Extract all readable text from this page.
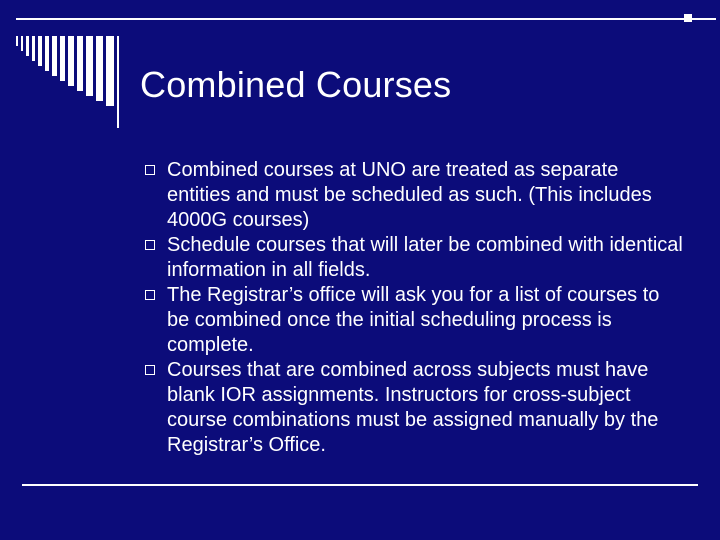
Combined Courses
Combined courses at UNO are treated as separate entities and must be scheduled as such. (This includes 4000G courses)
Schedule courses that will later be combined with identical information in all fields.
The Registrar’s office will ask you for a list of courses to be combined once the initial scheduling process is complete.
Courses that are combined across subjects must have blank IOR assignments. Instructors for cross-subject course combinations must be assigned manually by the Registrar’s Office.
